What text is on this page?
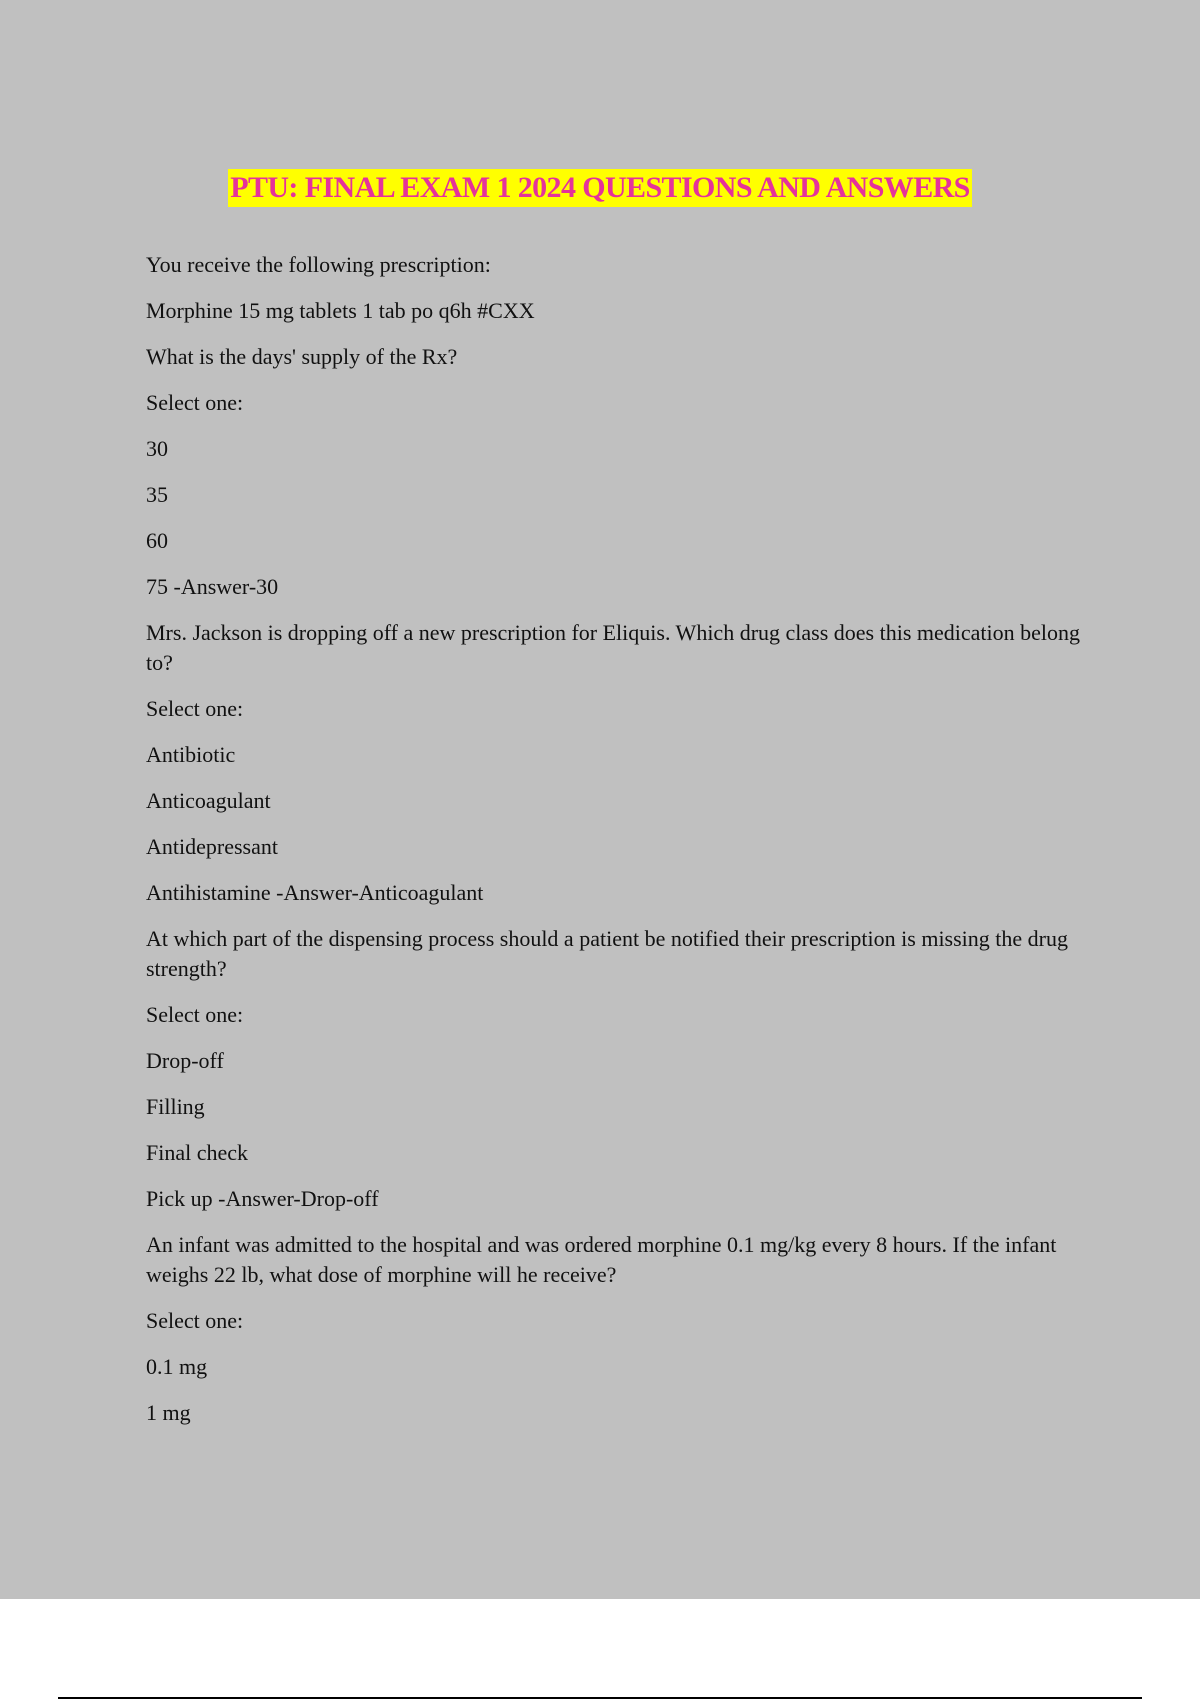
PTU: FINAL EXAM 1 2024 QUESTIONS AND ANSWERS

You receive the following prescription:

Morphine 15 mg tablets 1 tab po q6h #CXX

What is the days' supply of the Rx?

Select one:

30

35

60

75 -Answer-30

Mrs. Jackson is dropping off a new prescription for Eliquis. Which drug class does this medication belong to?

Select one:

Antibiotic

Anticoagulant

Antidepressant

Antihistamine -Answer-Anticoagulant

At which part of the dispensing process should a patient be notified their prescription is missing the drug strength?

Select one:

Drop-off

Filling

Final check

Pick up -Answer-Drop-off

An infant was admitted to the hospital and was ordered morphine 0.1 mg/kg every 8 hours. If the infant weighs 22 lb, what dose of morphine will he receive?

Select one:

0.1 mg

1 mg
